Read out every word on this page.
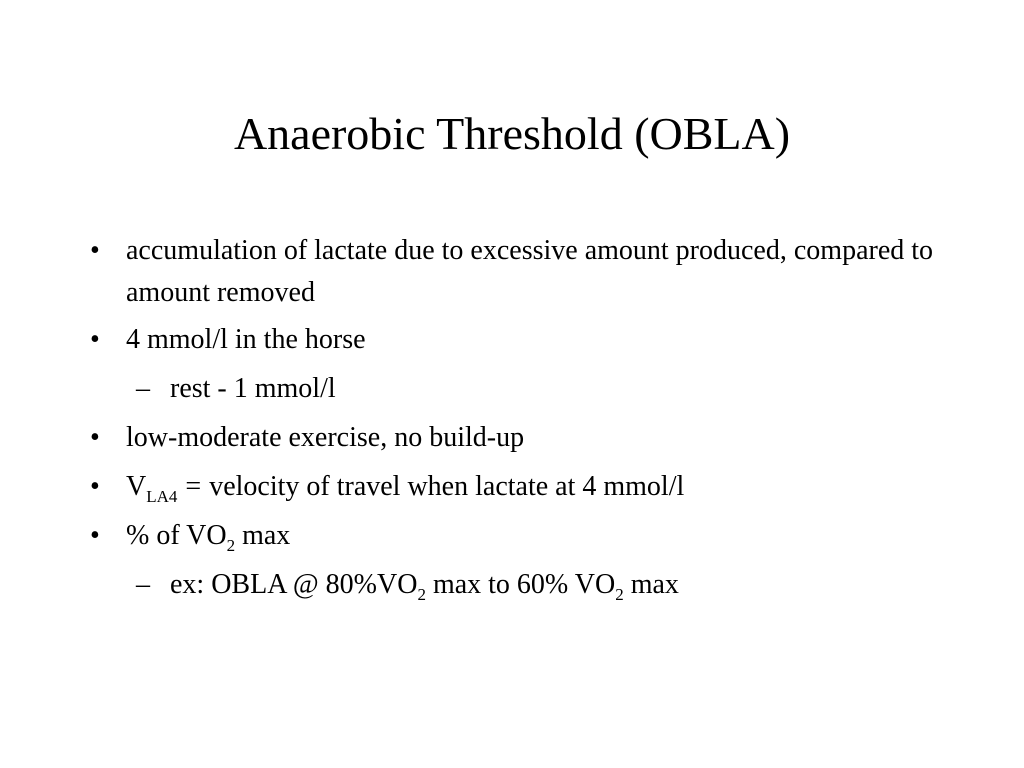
Anaerobic Threshold (OBLA)
• accumulation of lactate due to excessive amount produced, compared to amount removed
• 4 mmol/l in the horse
– rest - 1 mmol/l
• low-moderate exercise, no build-up
• $V_{LA4}$ = velocity of travel when lactate at 4 mmol/l
• % of $VO_2$ max
– ex: OBLA @ $80\%VO_2$ max to 60% $VO_2$ max
